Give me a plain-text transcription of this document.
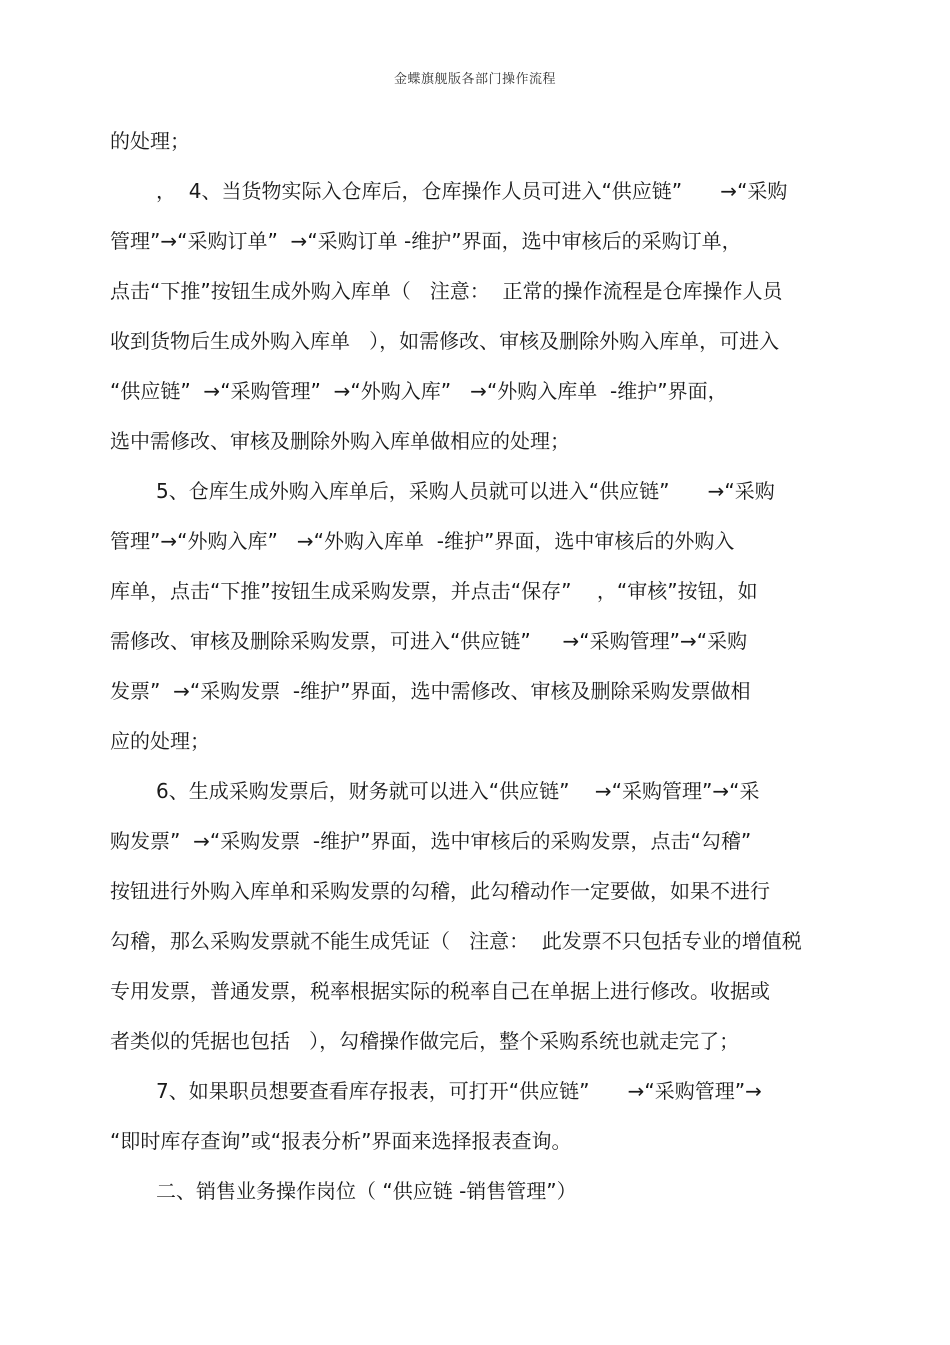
金蝶旗舰版各部门操作流程
的处理；
，  4、当货物实际入仓库后，仓库操作人员可进入“供应链”      →“采购
管理”→“采购订单”  →“采购订单 -维护”界面，选中审核后的采购订单，
点击“下推”按钮生成外购入库单（   注意：  正常的操作流程是仓库操作人员
收到货物后生成外购入库单   ），如需修改、审核及删除外购入库单，可进入
“供应链”  →“采购管理”  →“外购入库”   →“外购入库单  -维护”界面，
选中需修改、审核及删除外购入库单做相应的处理；
5、仓库生成外购入库单后，采购人员就可以进入“供应链”      →“采购
管理”→“外购入库”   →“外购入库单  -维护”界面，选中审核后的外购入
库单，点击“下推”按钮生成采购发票，并点击“保存”    ，“审核”按钮，如
需修改、审核及删除采购发票，可进入“供应链”     →“采购管理”→“采购
发票”  →“采购发票  -维护”界面，选中需修改、审核及删除采购发票做相
应的处理；
6、生成采购发票后，财务就可以进入“供应链”    →“采购管理”→“采
购发票”  →“采购发票  -维护”界面，选中审核后的采购发票，点击“勾稽”
按钮进行外购入库单和采购发票的勾稽，此勾稽动作一定要做，如果不进行
勾稽，那么采购发票就不能生成凭证（   注意：  此发票不只包括专业的增值税
专用发票，普通发票，税率根据实际的税率自己在单据上进行修改。收据或
者类似的凭据也包括   ），勾稽操作做完后，整个采购系统也就走完了；
7、如果职员想要查看库存报表，可打开“供应链”      →“采购管理”→
“即时库存查询”或“报表分析”界面来选择报表查询。
二、销售业务操作岗位（ “供应链 -销售管理”）
